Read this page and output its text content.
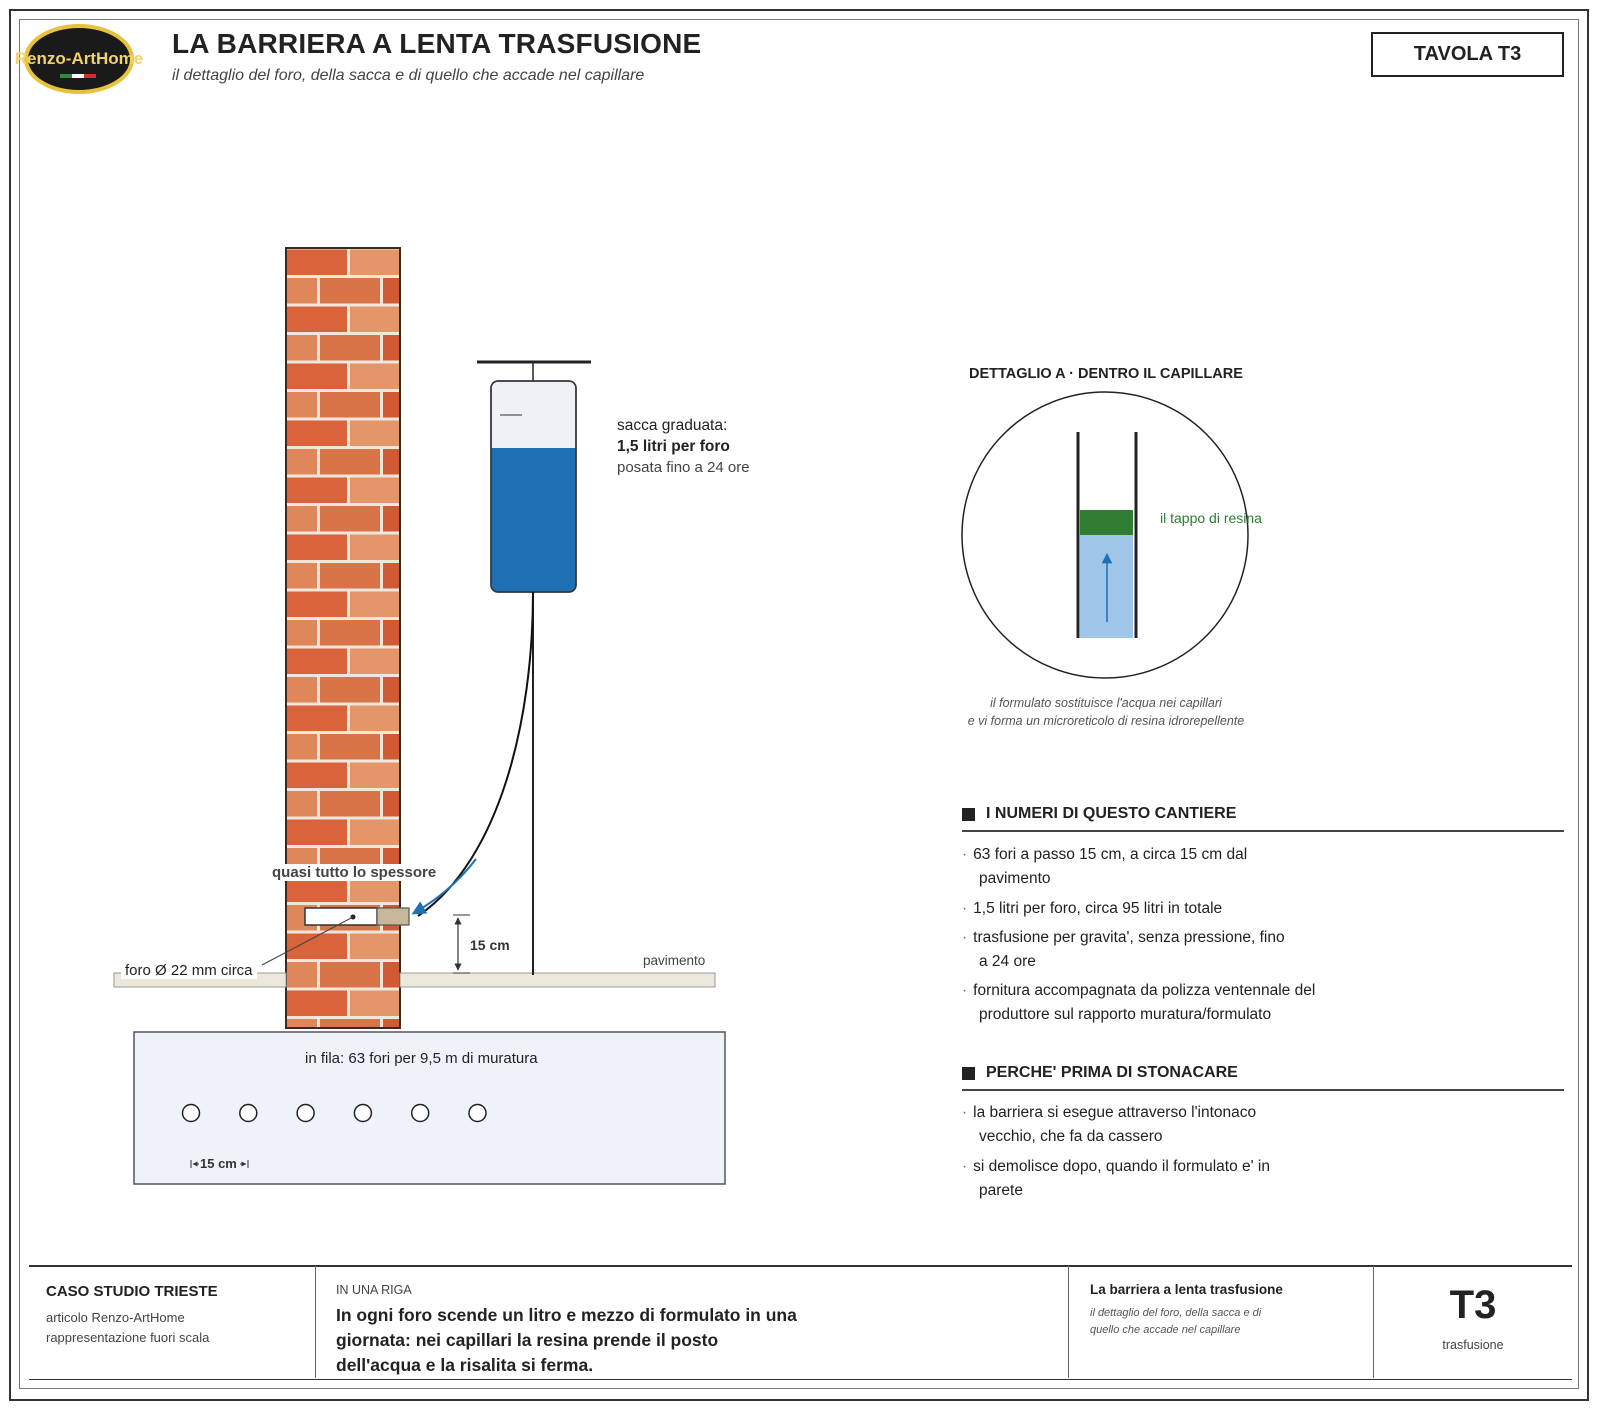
Renzo-ArtHome LA BARRIERA A LENTA TRASFUSIONE
il dettaglio del foro, della sacca e di quello che accade nel capillare
TAVOLA T3
sacca graduata:
1,5 litri per foro
posata fino a 24 ore
quasi tutto lo spessore
foro Ø 22 mm circa
15 cm
pavimento
in fila: 63 fori per 9,5 m di muratura
15 cm
DETTAGLIO A · DENTRO IL CAPILLARE
il tappo di resina
il formulato sostituisce l'acqua nei capillari
e vi forma un microreticolo di resina idrorepellente
I NUMERI DI QUESTO CANTIERE
· 63 fori a passo 15 cm, a circa 15 cm dal
pavimento
· 1,5 litri per foro, circa 95 litri in totale
· trasfusione per gravita', senza pressione, fino
a 24 ore
· fornitura accompagnata da polizza ventennale del
produttore sul rapporto muratura/formulato
PERCHE' PRIMA DI STONACARE
· la barriera si esegue attraverso l'intonaco
vecchio, che fa da cassero
· si demolisce dopo, quando il formulato e' in
parete
CASO STUDIO TRIESTE
articolo Renzo-ArtHome
rappresentazione fuori scala
IN UNA RIGA
In ogni foro scende un litro e mezzo di formulato in una
giornata: nei capillari la resina prende il posto
dell'acqua e la risalita si ferma.
La barriera a lenta trasfusione
il dettaglio del foro, della sacca e di
quello che accade nel capillare
T3
trasfusione
